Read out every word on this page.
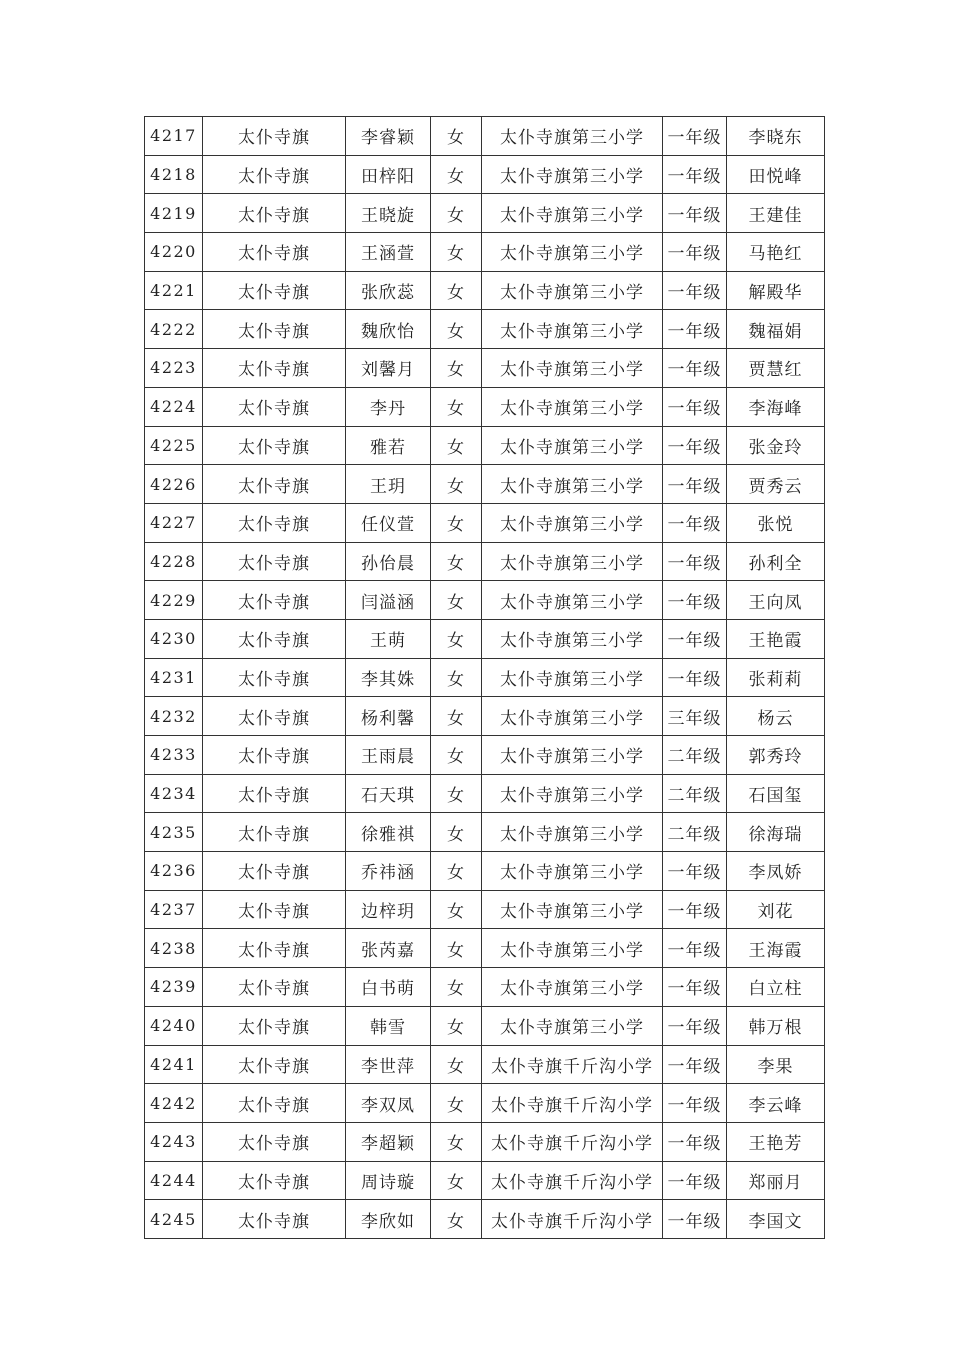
4217	太仆寺旗	李睿颖	女	太仆寺旗第三小学	一年级	李晓东
4218	太仆寺旗	田梓阳	女	太仆寺旗第三小学	一年级	田悦峰
4219	太仆寺旗	王晓旋	女	太仆寺旗第三小学	一年级	王建佳
4220	太仆寺旗	王涵萱	女	太仆寺旗第三小学	一年级	马艳红
4221	太仆寺旗	张欣蕊	女	太仆寺旗第三小学	一年级	解殿华
4222	太仆寺旗	魏欣怡	女	太仆寺旗第三小学	一年级	魏福娟
4223	太仆寺旗	刘馨月	女	太仆寺旗第三小学	一年级	贾慧红
4224	太仆寺旗	李丹	女	太仆寺旗第三小学	一年级	李海峰
4225	太仆寺旗	雅若	女	太仆寺旗第三小学	一年级	张金玲
4226	太仆寺旗	王玥	女	太仆寺旗第三小学	一年级	贾秀云
4227	太仆寺旗	任仪萱	女	太仆寺旗第三小学	一年级	张悦
4228	太仆寺旗	孙佁晨	女	太仆寺旗第三小学	一年级	孙利全
4229	太仆寺旗	闫溢涵	女	太仆寺旗第三小学	一年级	王向凤
4230	太仆寺旗	王萌	女	太仆寺旗第三小学	一年级	王艳霞
4231	太仆寺旗	李其姝	女	太仆寺旗第三小学	一年级	张莉莉
4232	太仆寺旗	杨利馨	女	太仆寺旗第三小学	三年级	杨云
4233	太仆寺旗	王雨晨	女	太仆寺旗第三小学	二年级	郭秀玲
4234	太仆寺旗	石天琪	女	太仆寺旗第三小学	二年级	石国玺
4235	太仆寺旗	徐雅祺	女	太仆寺旗第三小学	二年级	徐海瑞
4236	太仆寺旗	乔祎涵	女	太仆寺旗第三小学	一年级	李凤娇
4237	太仆寺旗	边梓玥	女	太仆寺旗第三小学	一年级	刘花
4238	太仆寺旗	张芮嘉	女	太仆寺旗第三小学	一年级	王海霞
4239	太仆寺旗	白书萌	女	太仆寺旗第三小学	一年级	白立柱
4240	太仆寺旗	韩雪	女	太仆寺旗第三小学	一年级	韩万根
4241	太仆寺旗	李世萍	女	太仆寺旗千斤沟小学	一年级	李果
4242	太仆寺旗	李双凤	女	太仆寺旗千斤沟小学	一年级	李云峰
4243	太仆寺旗	李超颖	女	太仆寺旗千斤沟小学	一年级	王艳芳
4244	太仆寺旗	周诗璇	女	太仆寺旗千斤沟小学	一年级	郑丽月
4245	太仆寺旗	李欣如	女	太仆寺旗千斤沟小学	一年级	李国文
